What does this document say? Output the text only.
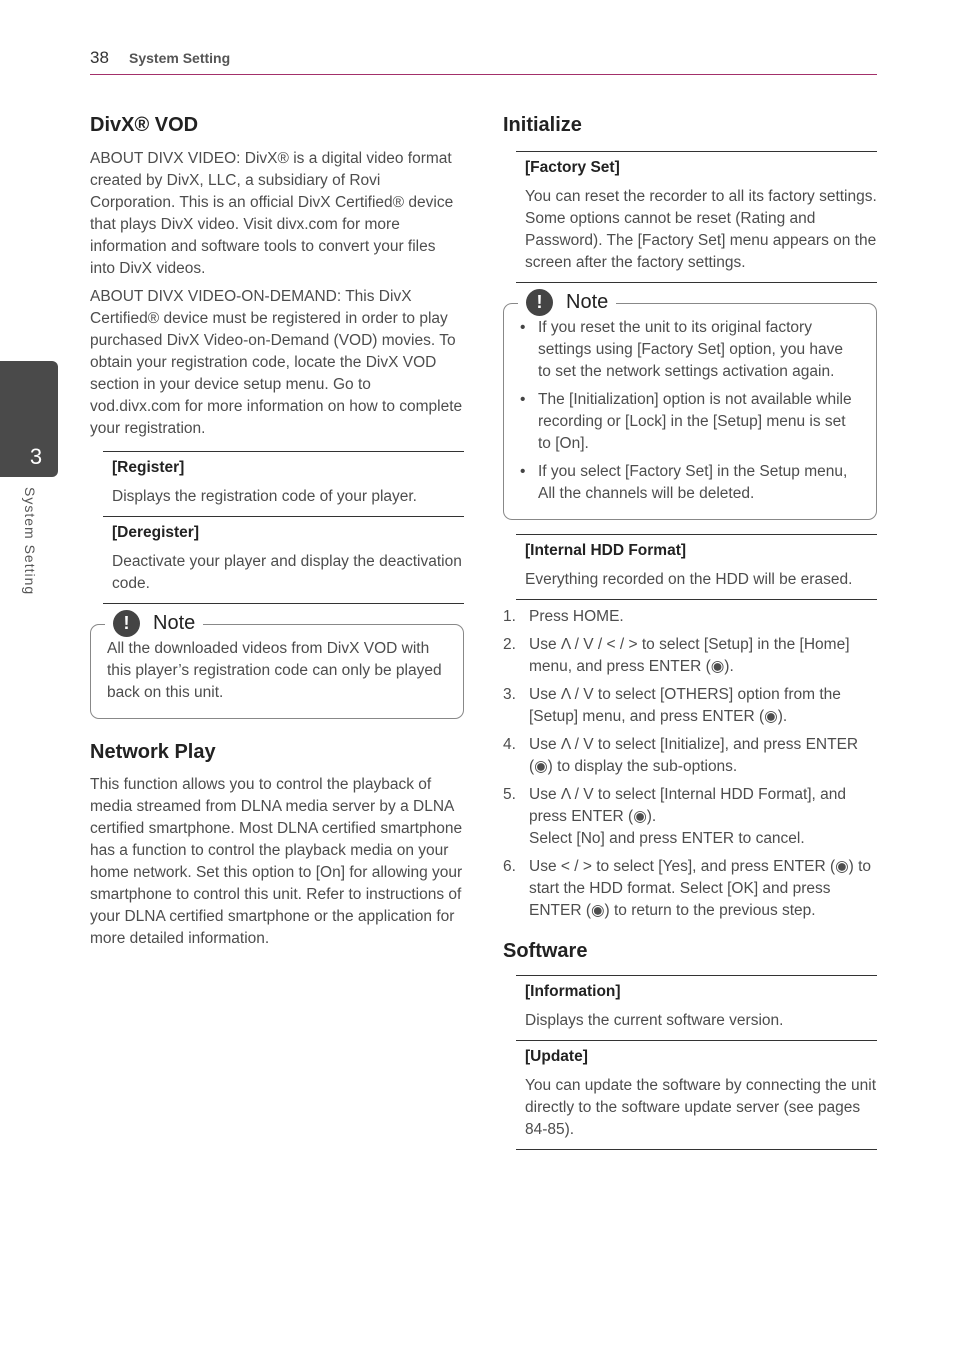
38 System Setting
3
System Setting
DivX® VOD

ABOUT DIVX VIDEO: DivX® is a digital video format created by DivX, LLC, a subsidiary of Rovi Corporation. This is an official DivX Certified® device that plays DivX video. Visit divx.com for more information and software tools to convert your files into DivX videos.

ABOUT DIVX VIDEO-ON-DEMAND: This DivX Certified® device must be registered in order to play purchased DivX Video-on-Demand (VOD) movies. To obtain your registration code, locate the DivX VOD section in your device setup menu. Go to vod.divx.com for more information on how to complete your registration.

[Register]

Displays the registration code of your player.

[Deregister]

Deactivate your player and display the deactivation code.

!	Note

All the downloaded videos from DivX VOD with this player’s registration code can only be played back on this unit.

Network Play

This function allows you to control the playback of media streamed from DLNA media server by a DLNA certified smartphone. Most DLNA certified smartphone has a function to control the playback media on your home network. Set this option to [On] for allowing your smartphone to control this unit. Refer to instructions of your DLNA certified smartphone or the application for more detailed information.

Initialize
[Factory Set]

You can reset the recorder to all its factory settings. Some options cannot be reset (Rating and Password). The [Factory Set] menu appears on the screen after the factory settings.

!	Note
• If you reset the unit to its original factory settings using [Factory Set] option, you have to set the network settings activation again.
• The [Initialization] option is not available while recording or [Lock] in the [Setup] menu is set to [On].
• If you select [Factory Set] in the Setup menu, All the channels will be deleted.
[Internal HDD Format]

Everything recorded on the HDD will be erased.

1. Press HOME.
2. Use Λ / V / < / > to select [Setup] in the [Home] menu, and press ENTER (◉).
3. Use Λ / V to select [OTHERS] option from the [Setup] menu, and press ENTER (◉).
4. Use Λ / V to select [Initialize], and press ENTER (◉) to display the sub-options.
5. Use Λ / V to select [Internal HDD Format], and press ENTER (◉).
Select [No] and press ENTER to cancel.
6. Use < / > to select [Yes], and press ENTER (◉) to start the HDD format. Select [OK] and press ENTER (◉) to return to the previous step.
Software
[Information]

Displays the current software version.

[Update]

You can update the software by connecting the unit directly to the software update server (see pages 84-85).
